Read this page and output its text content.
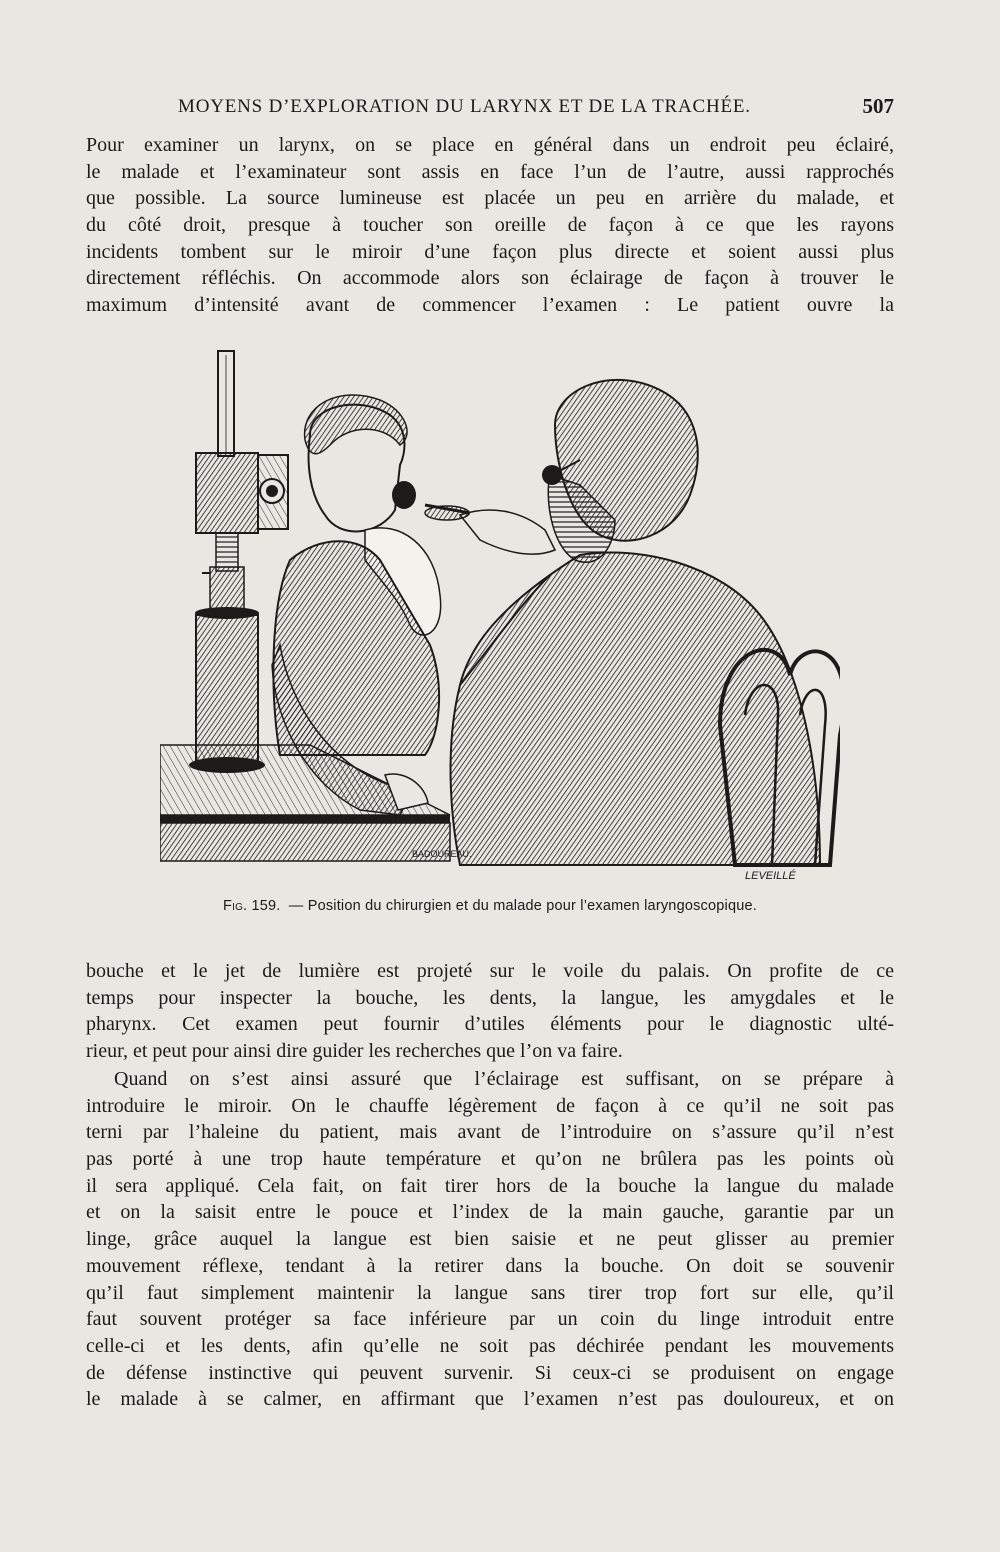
MOYENS D’EXPLORATION DU LARYNX ET DE LA TRACHÉE.	507
Pour examiner un larynx, on se place en général dans un endroit peu éclairé,
le malade et l’examinateur sont assis en face l’un de l’autre, aussi rapprochés
que possible. La source lumineuse est placée un peu en arrière du malade, et
du côté droit, presque à toucher son oreille de façon à ce que les rayons
incidents tombent sur le miroir d’une façon plus directe et soient aussi plus
directement réfléchis. On accommode alors son éclairage de façon à trouver le
maximum d’intensité avant de commencer l’examen : Le patient ouvre la
BADOUREAU.
LEVEILLÉ
Fig. 159. — Position du chirurgien et du malade pour l’examen laryngoscopique.
bouche et le jet de lumière est projeté sur le voile du palais. On profite de ce
temps pour inspecter la bouche, les dents, la langue, les amygdales et le
pharynx. Cet examen peut fournir d’utiles éléments pour le diagnostic ulté-
rieur, et peut pour ainsi dire guider les recherches que l’on va faire.
Quand on s’est ainsi assuré que l’éclairage est suffisant, on se prépare à
introduire le miroir. On le chauffe légèrement de façon à ce qu’il ne soit pas
terni par l’haleine du patient, mais avant de l’introduire on s’assure qu’il n’est
pas porté à une trop haute température et qu’on ne brûlera pas les points où
il sera appliqué. Cela fait, on fait tirer hors de la bouche la langue du malade
et on la saisit entre le pouce et l’index de la main gauche, garantie par un
linge, grâce auquel la langue est bien saisie et ne peut glisser au premier
mouvement réflexe, tendant à la retirer dans la bouche. On doit se souvenir
qu’il faut simplement maintenir la langue sans tirer trop fort sur elle, qu’il
faut souvent protéger sa face inférieure par un coin du linge introduit entre
celle-ci et les dents, afin qu’elle ne soit pas déchirée pendant les mouvements
de défense instinctive qui peuvent survenir. Si ceux-ci se produisent on engage
le malade à se calmer, en affirmant que l’examen n’est pas douloureux, et on
